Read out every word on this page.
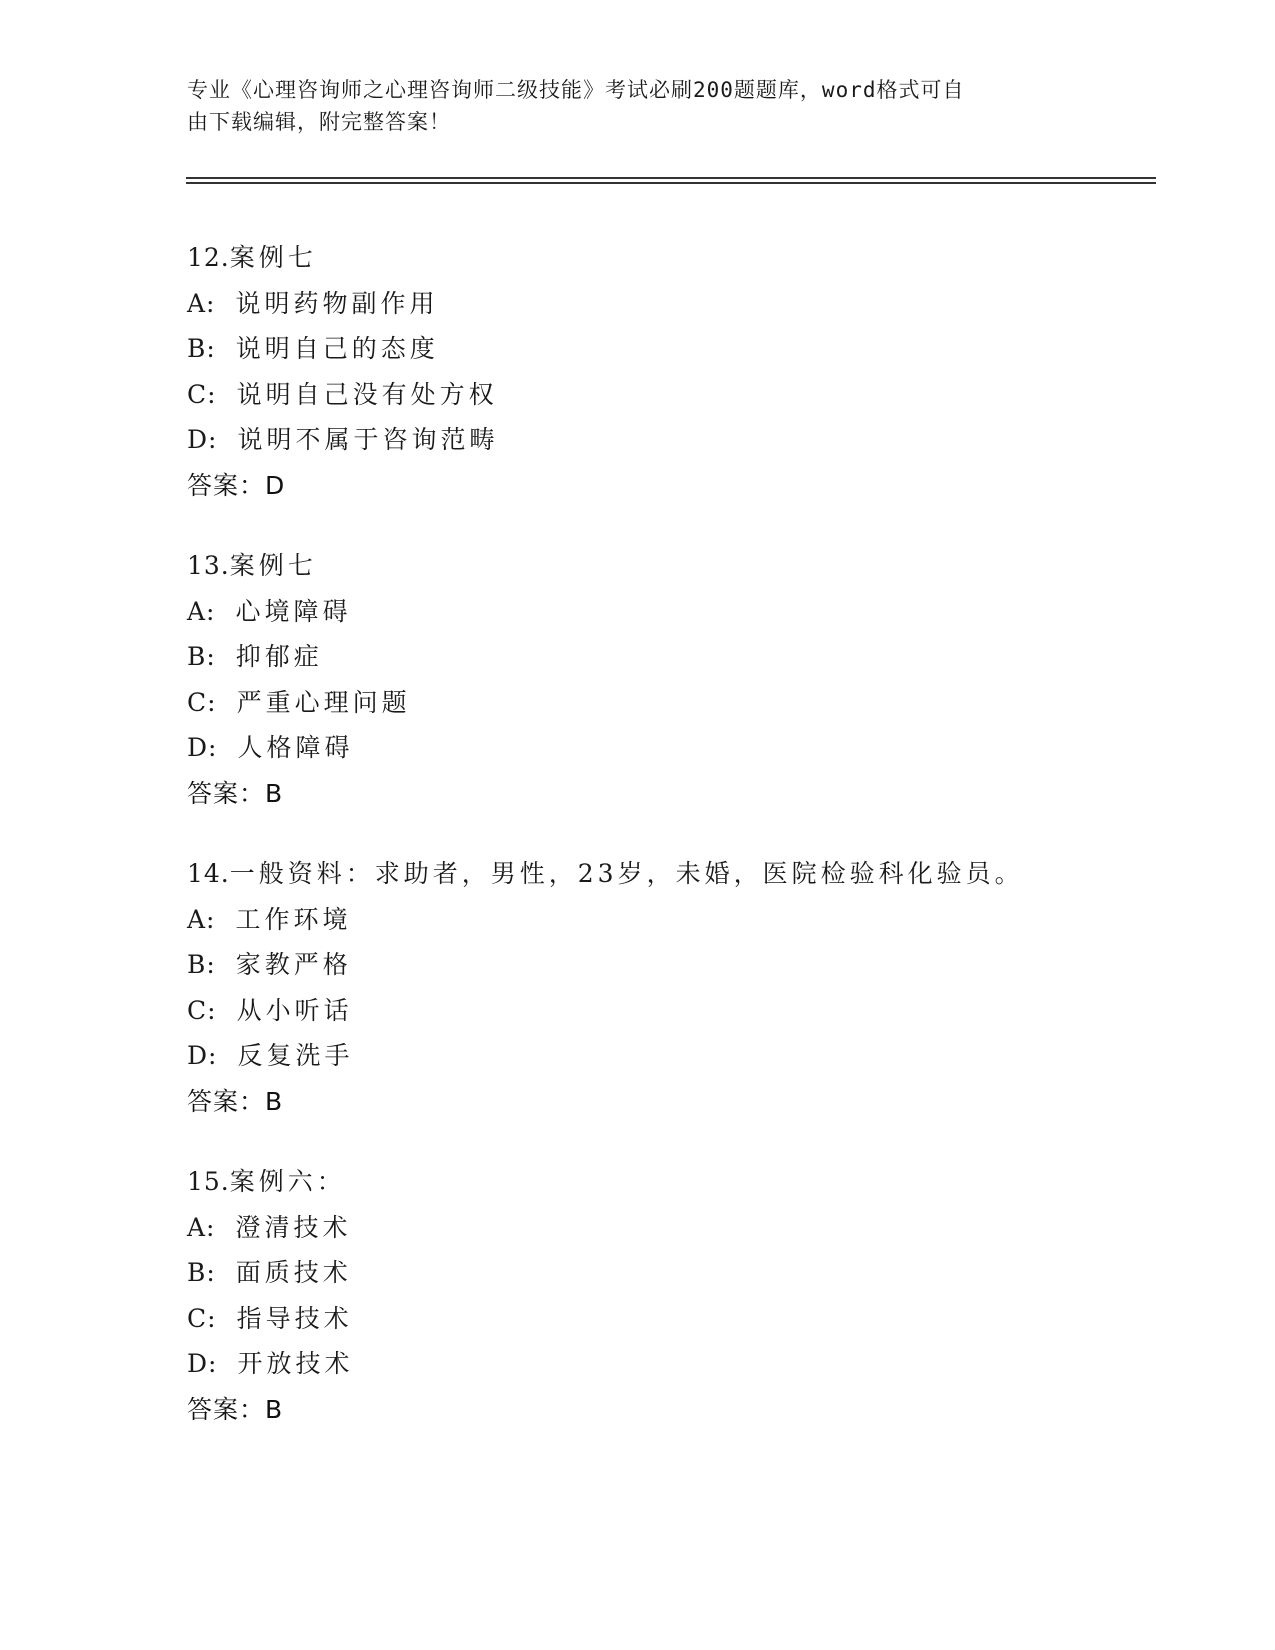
专业《心理咨询师之心理咨询师二级技能》考试必刷200题题库，word格式可自
由下载编辑，附完整答案！
12.案例七
A: 说明药物副作用
B: 说明自己的态度
C: 说明自己没有处方权
D: 说明不属于咨询范畴
答案：D
13.案例七
A: 心境障碍
B: 抑郁症
C: 严重心理问题
D: 人格障碍
答案：B
14.一般资料：求助者，男性，23岁，未婚，医院检验科化验员。
A: 工作环境
B: 家教严格
C: 从小听话
D: 反复洗手
答案：B
15.案例六：
A: 澄清技术
B: 面质技术
C: 指导技术
D: 开放技术
答案：B
